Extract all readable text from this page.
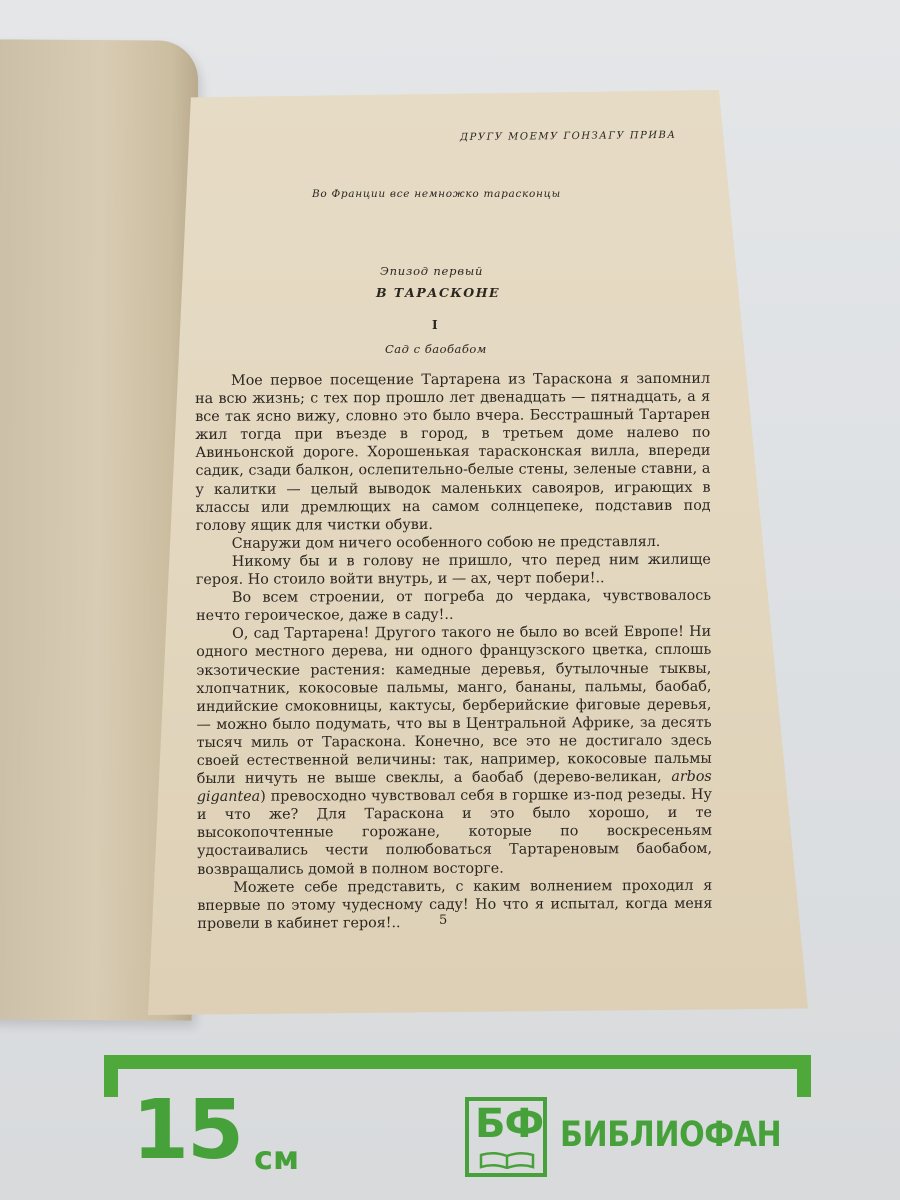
ДРУГУ МОЕМУ ГОНЗАГУ ПРИВА
Во Франции все немножко тарасконцы
Эпизод первый
В ТАРАСКОНЕ
I
Сад с баобабом

Мое первое посещение Тартарена из Тараскона я запомнил на всю жизнь; с тех пор прошло лет двенадцать — пятнадцать, а я все так ясно вижу, словно это было вчера. Бесстрашный Тартарен жил тогда при въезде в город, в третьем доме налево по Авиньонской дороге. Хорошенькая тарасконская вилла, впереди садик, сзади балкон, ослепительно-белые стены, зеленые ставни, а у калитки — целый выводок маленьких савояров, играющих в классы или дремлющих на самом солнцепеке, подставив под голову ящик для чистки обуви.

Снаружи дом ничего особенного собою не представлял.

Никому бы и в голову не пришло, что перед ним жилище героя. Но стоило войти внутрь, и — ах, черт побери!..

Во всем строении, от погреба до чердака, чувствовалось нечто героическое, даже в саду!..

О, сад Тартарена! Другого такого не было во всей Европе! Ни одного местного дерева, ни одного французского цветка, сплошь экзотические растения: камедные деревья, бутылочные тыквы, хлопчатник, кокосовые пальмы, манго, бананы, пальмы, баобаб, индийские смоковницы, кактусы, берберийские фиговые деревья,— можно было подумать, что вы в Центральной Африке, за десять тысяч миль от Тараскона. Конечно, все это не достигало здесь своей естественной величины: так, например, кокосовые пальмы были ничуть не выше свеклы, а баобаб (дерево-великан, arbos gigantea) превосходно чувствовал себя в горшке из-под резеды. Ну и что же? Для Тараскона и это было хорошо, и те высокопочтенные горожане, которые по воскресеньям удостаивались чести полюбоваться Тартареновым баобабом, возвращались домой в полном восторге.

Можете себе представить, с каким волнением проходил я впервые по этому чудесному саду! Но что я испытал, когда меня провели в кабинет героя!..	5
15 см
БФ БИБЛИОФАН
